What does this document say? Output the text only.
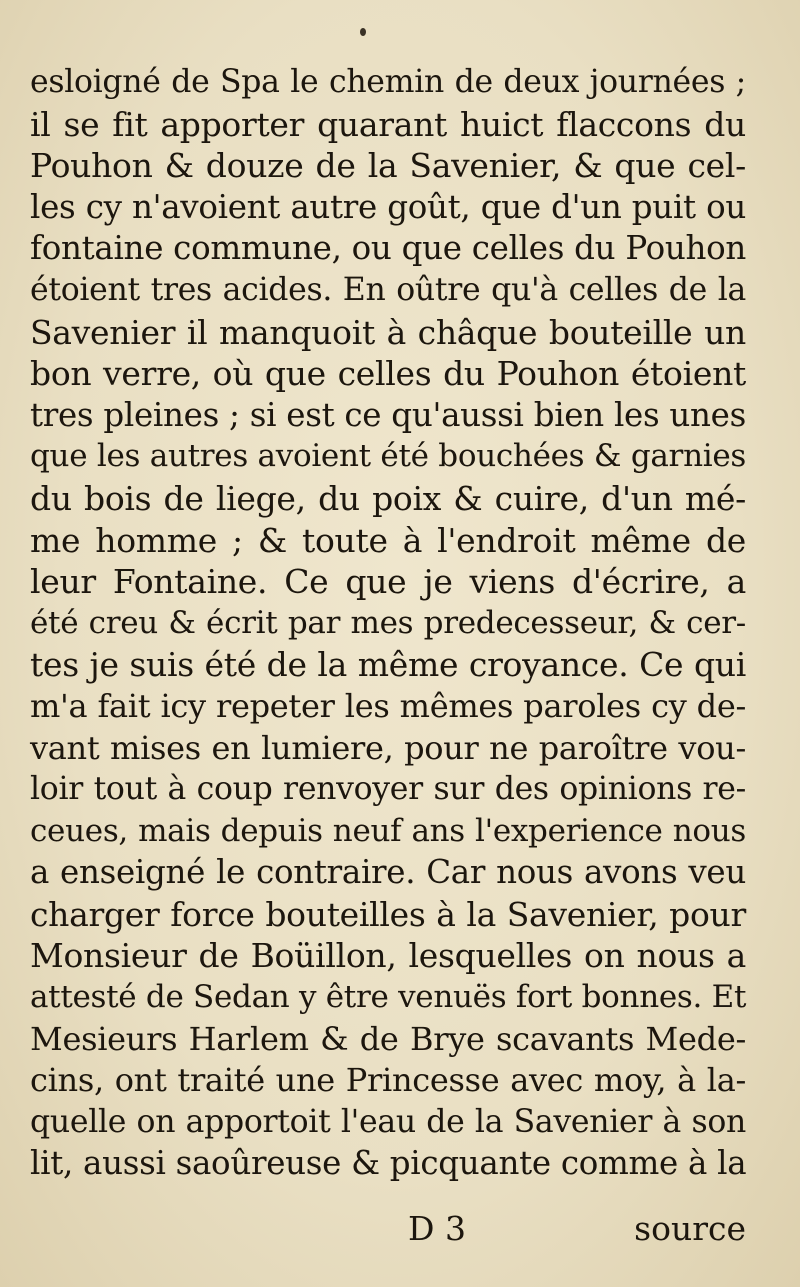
esloigné de Spa le chemin de deux journées ;
il se fit apporter quarant huict flaccons du
Pouhon & douze de la Savenier, & que cel-
les cy n'avoient autre goût, que d'un puit ou
fontaine commune, ou que celles du Pouhon
étoient tres acides. En oûtre qu'à celles de la
Savenier il manquoit à châque bouteille un
bon verre, où que celles du Pouhon étoient
tres pleines ; si est ce qu'aussi bien les unes
que les autres avoient été bouchées & garnies
du bois de liege, du poix & cuire, d'un mé-
me homme ; & toute à l'endroit même de
leur Fontaine. Ce que je viens d'écrire, a
été creu & écrit par mes predecesseur, & cer-
tes je suis été de la même croyance. Ce qui
m'a fait icy repeter les mêmes paroles cy de-
vant mises en lumiere, pour ne paroître vou-
loir tout à coup renvoyer sur des opinions re-
ceues, mais depuis neuf ans l'experience nous
a enseigné le contraire. Car nous avons veu
charger force bouteilles à la Savenier, pour
Monsieur de Boüillon, lesquelles on nous a
attesté de Sedan y être venuës fort bonnes. Et
Mesieurs Harlem & de Brye scavants Mede-
cins, ont traité une Princesse avec moy, à la-
quelle on apportoit l'eau de la Savenier à son
lit, aussi saoûreuse & picquante comme à la
D 3	source
